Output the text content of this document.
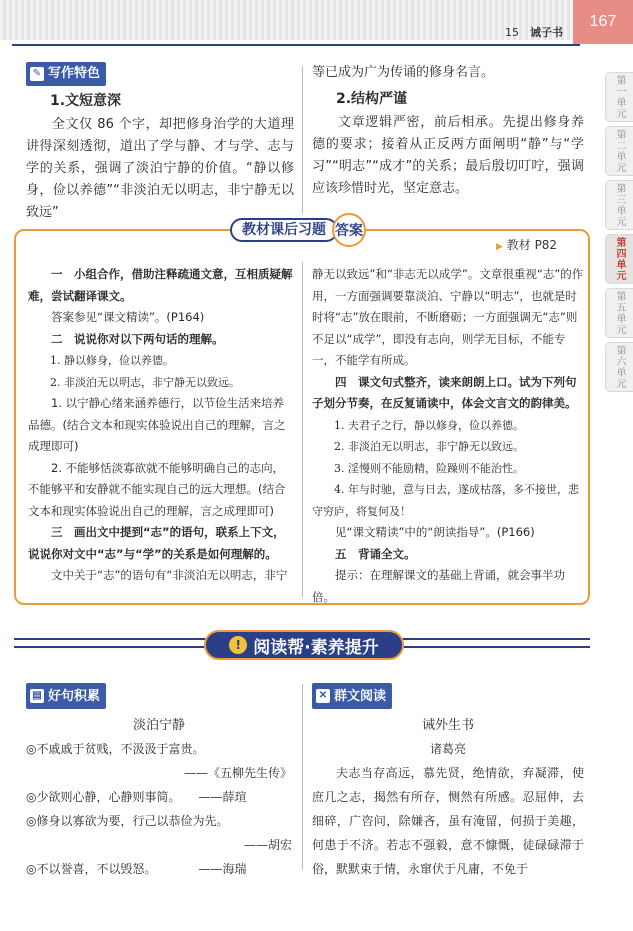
15　 诫子书
167
第一单元
第二单元
第三单元
第四单元
第五单元
第六单元
✎ 写作特色
1.文短意深
全文仅 86 个字，却把修身治学的大道理讲得深刻透彻，道出了学与静、才与学、志与学的关系，强调了淡泊宁静的价值。“静以修身，俭以养德”“非淡泊无以明志，非宁静无以致远”
等已成为广为传诵的修身名言。
2.结构严谨
文章逻辑严密，前后相承。先提出修身养德的要求；接着从正反两方面阐明“静”与“学习”“明志”“成才”的关系；最后殷切叮咛，强调应该珍惜时光，坚定意志。
教材课后习题 答案
▶ 教材 P82
一　小组合作，借助注释疏通文意，互相质疑解难，尝试翻译课文。
答案参见“课文精读”。(P164)
二　说说你对以下两句话的理解。
1. 静以修身，俭以养德。
2. 非淡泊无以明志，非宁静无以致远。
1. 以宁静心绪来涵养德行，以节俭生活来培养品德。(结合文本和现实体验说出自己的理解，言之成理即可)
2. 不能够恬淡寡欲就不能够明确自己的志向，不能够平和安静就不能实现自己的远大理想。(结合文本和现实体验说出自己的理解，言之成理即可)
三　画出文中提到“志”的语句，联系上下文，说说你对文中“志”与“学”的关系是如何理解的。
文中关于“志”的语句有“非淡泊无以明志，非宁
静无以致远”和“非志无以成学”。文章很重视“志”的作用，一方面强调要靠淡泊、宁静以“明志”，也就是时时将“志”放在眼前，不断磨砺；一方面强调无“志”则不足以“成学”，即没有志向，则学无目标，不能专一，不能学有所成。
四　课文句式整齐，读来朗朗上口。试为下列句子划分节奏，在反复诵读中，体会文言文的韵律美。
1. 夫君子之行，静以修身，俭以养德。
2. 非淡泊无以明志，非宁静无以致远。
3. 淫慢则不能励精，险躁则不能治性。
4. 年与时驰，意与日去，遂成枯落，多不接世，悲守穷庐，将复何及！
见“课文精读”中的“朗读指导”。(P166)
五　背诵全文。
提示：在理解课文的基础上背诵，就会事半功倍。
! 阅读帮·素养提升
▤ 好句积累
淡泊宁静
◎不戚戚于贫贱，不汲汲于富贵。
——《五柳先生传》
◎少欲则心静，心静则事简。　　——薛瑄
◎修身以寡欲为要，行己以恭俭为先。
——胡宏
◎不以誉喜，不以毁怒。　　　　——海瑞
✕ 群文阅读
诫外生书
诸葛亮
夫志当存高远，慕先贤，绝情欲，弃凝滞，使庶几之志，揭然有所存，恻然有所感。忍屈伸，去细碎，广咨问，除嫌吝，虽有淹留，何损于美趣，何患于不济。若志不强毅，意不慷慨，徒碌碌滞于俗，默默束于情，永窜伏于凡庸，不免于
